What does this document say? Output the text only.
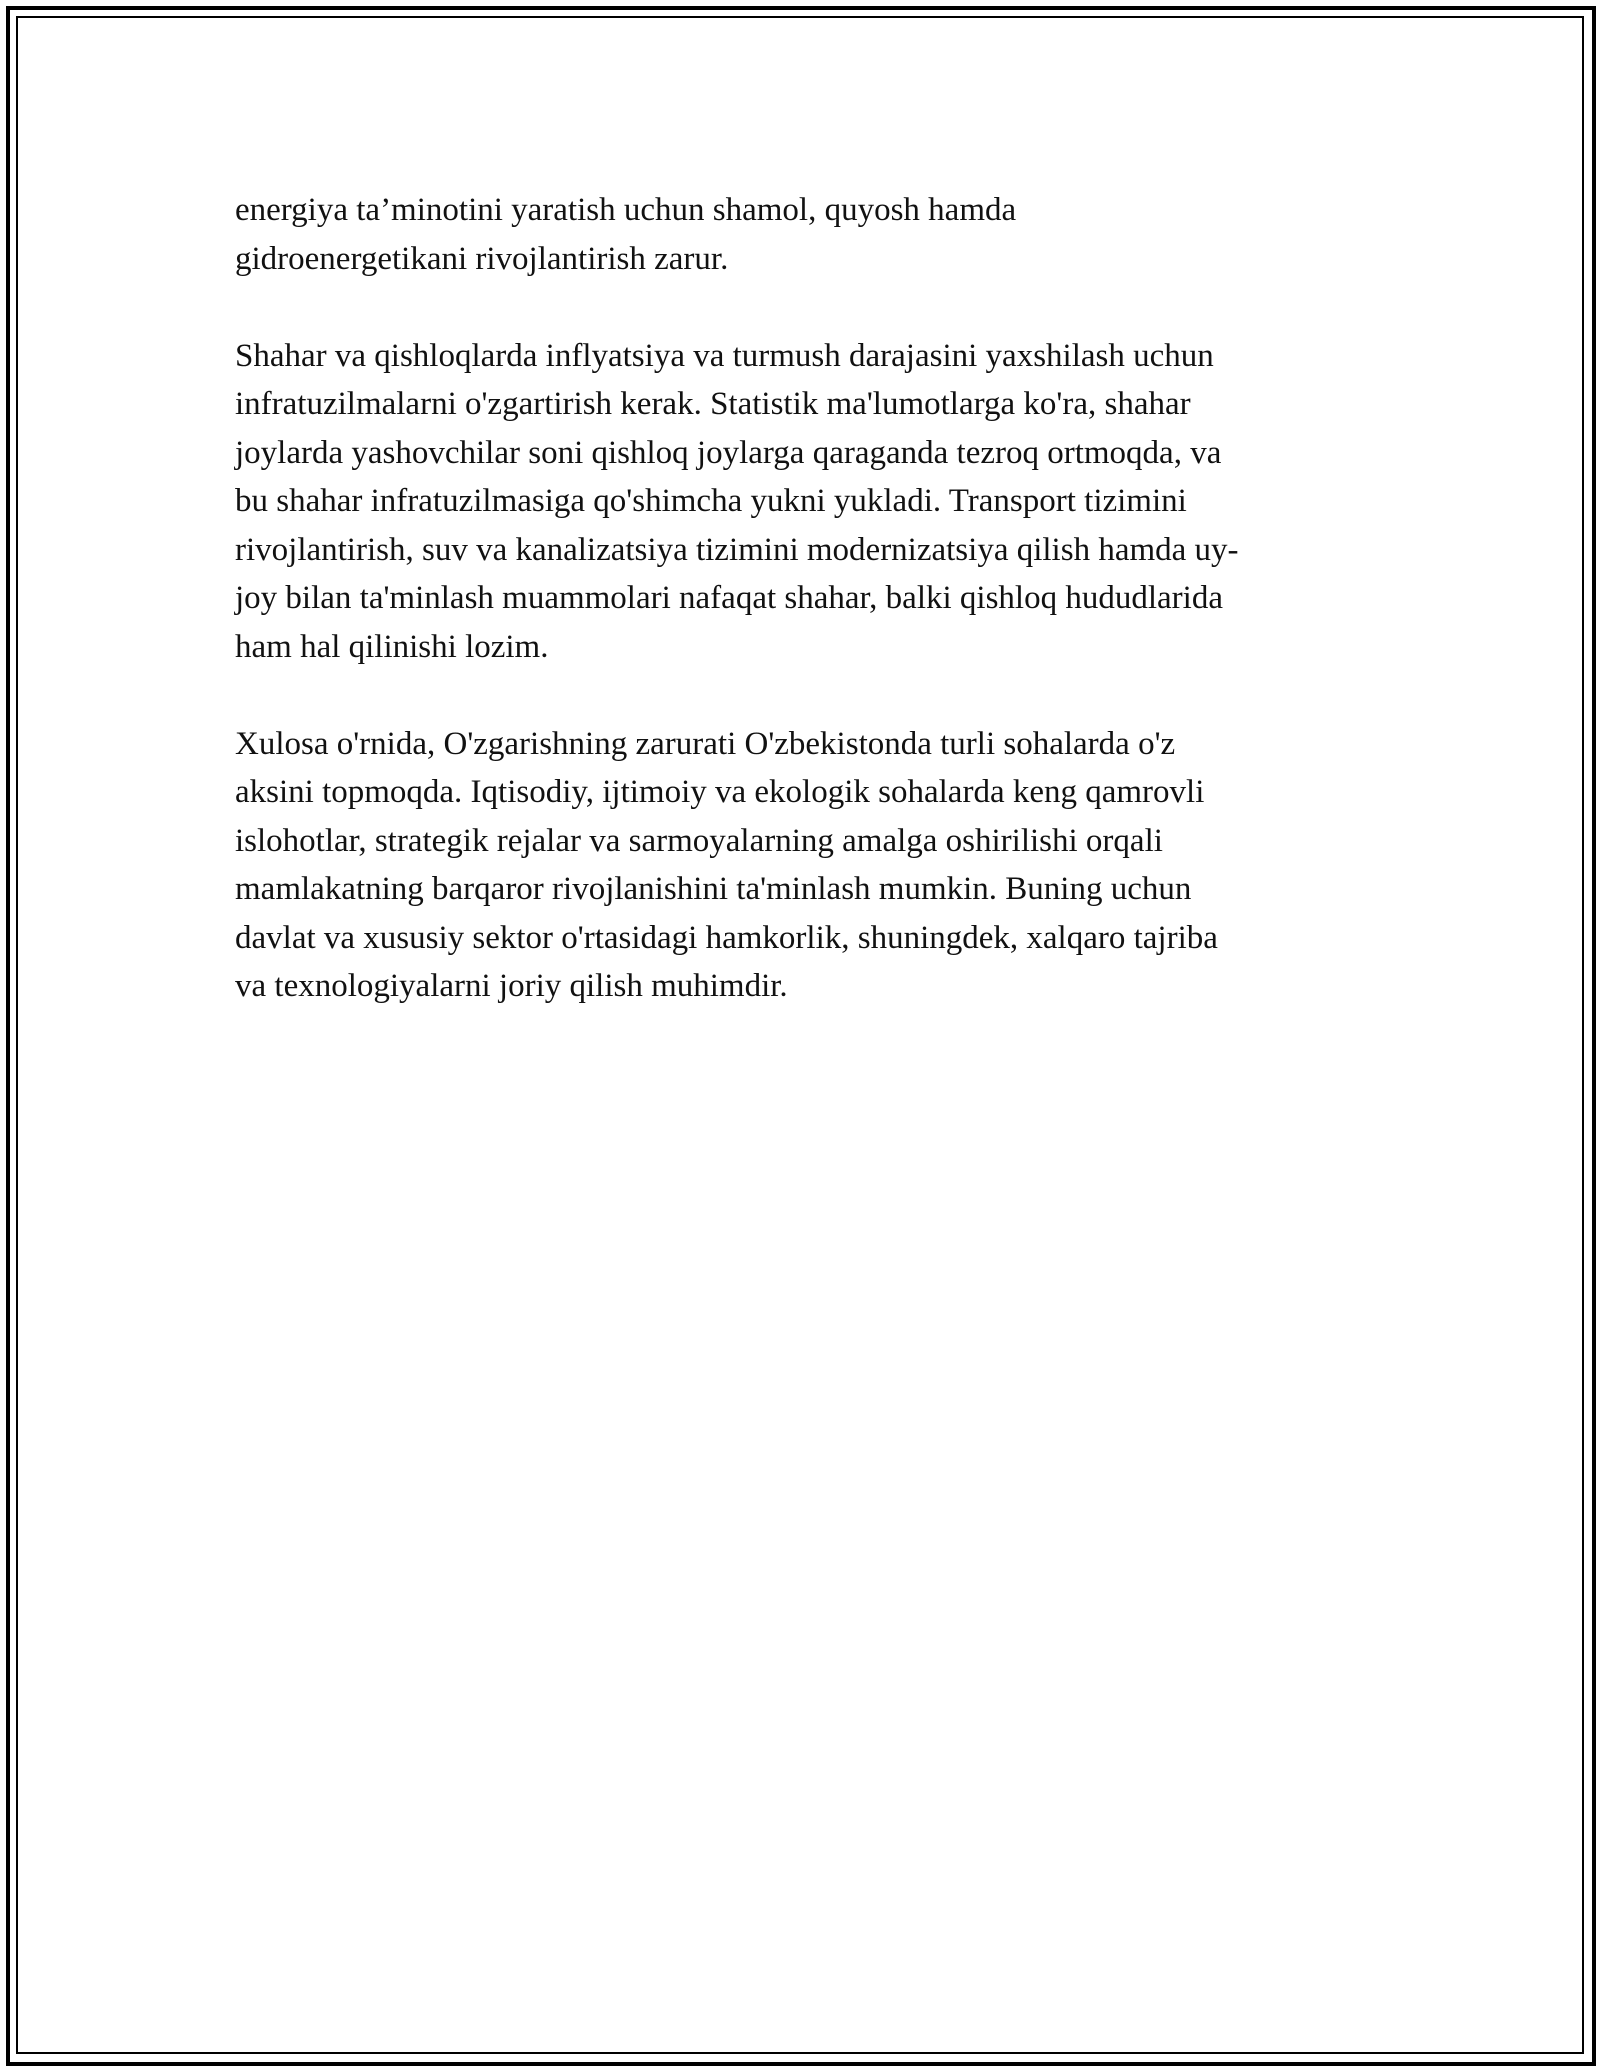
energiya ta’minotini yaratish uchun shamol, quyosh hamda
gidroenergetikani rivojlantirish zarur.
Shahar va qishloqlarda inflyatsiya va turmush darajasini yaxshilash uchun
infratuzilmalarni o'zgartirish kerak. Statistik ma'lumotlarga ko'ra, shahar
joylarda yashovchilar soni qishloq joylarga qaraganda tezroq ortmoqda, va
bu shahar infratuzilmasiga qo'shimcha yukni yukladi. Transport tizimini
rivojlantirish, suv va kanalizatsiya tizimini modernizatsiya qilish hamda uy-
joy bilan ta'minlash muammolari nafaqat shahar, balki qishloq hududlarida
ham hal qilinishi lozim.
Xulosa o'rnida, O'zgarishning zarurati O'zbekistonda turli sohalarda o'z
aksini topmoqda. Iqtisodiy, ijtimoiy va ekologik sohalarda keng qamrovli
islohotlar, strategik rejalar va sarmoyalarning amalga oshirilishi orqali
mamlakatning barqaror rivojlanishini ta'minlash mumkin. Buning uchun
davlat va xususiy sektor o'rtasidagi hamkorlik, shuningdek, xalqaro tajriba
va texnologiyalarni joriy qilish muhimdir.
